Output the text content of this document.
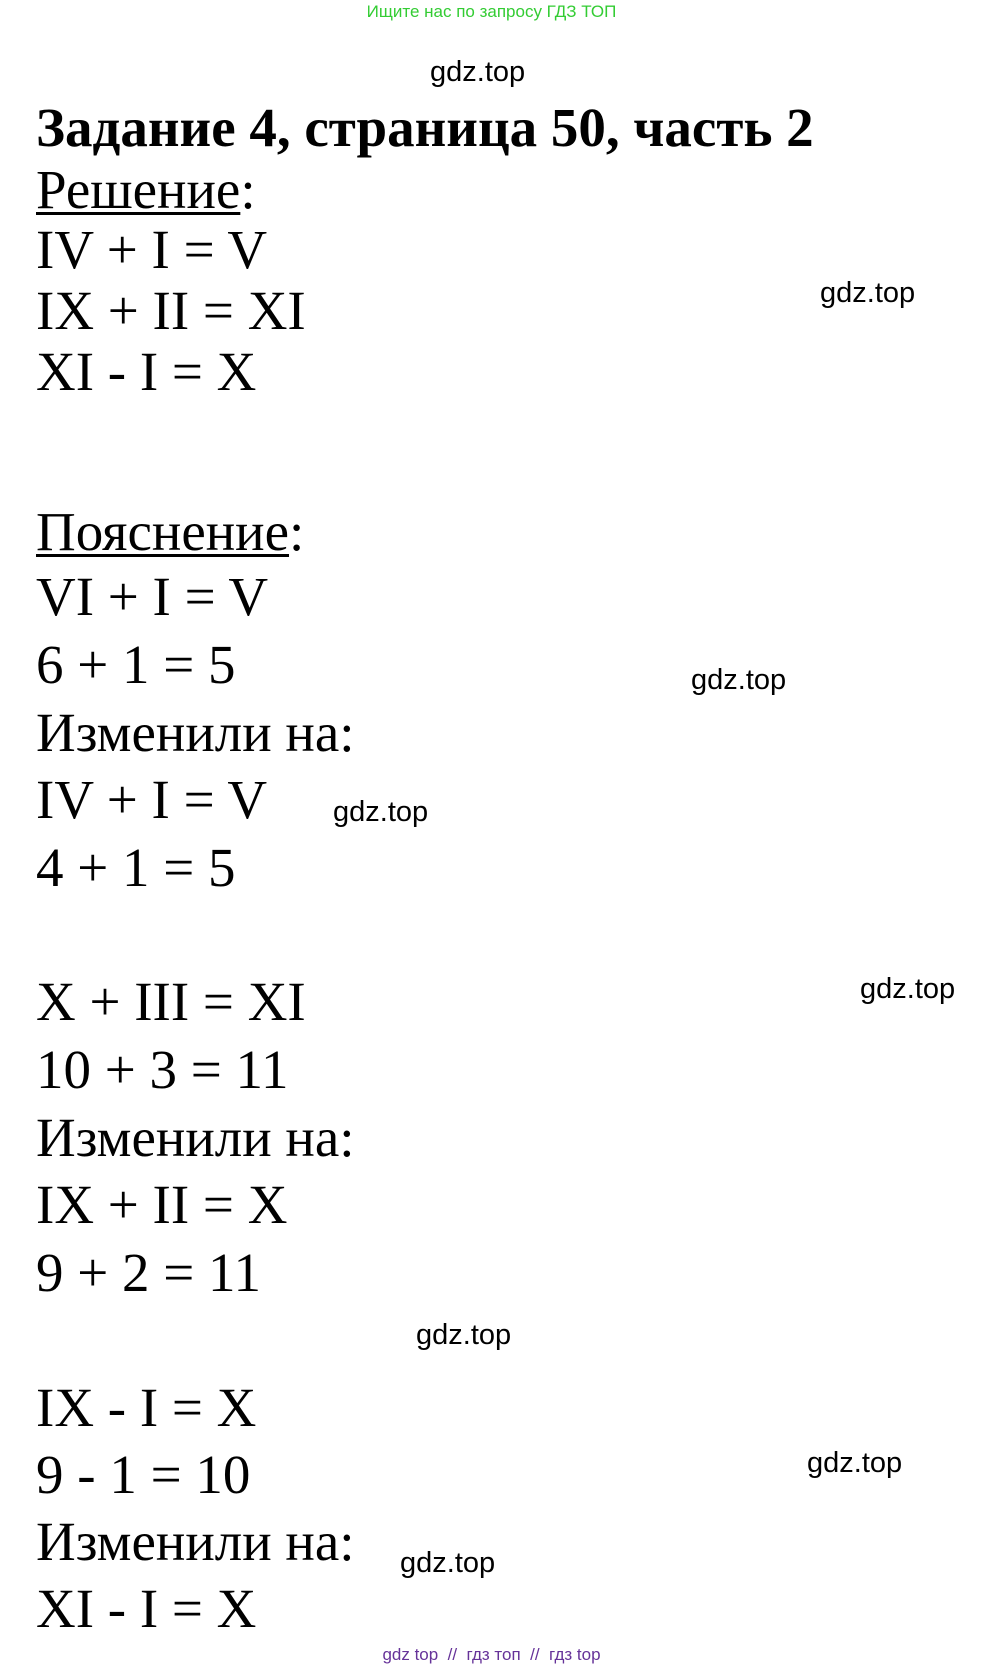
Ищите нас по запросу ГДЗ ТОП
gdz.top
Задание 4, страница 50, часть 2
Решение:
IV + I = V
IX + II = XI
XI - I = X
gdz.top
Пояснение:
VI + I = V
6 + 1 = 5
Изменили на:
IV + I = V
4 + 1 = 5
gdz.top
gdz.top
X + III = XI
10 + 3 = 11
Изменили на:
IX + II = X
9 + 2 = 11
gdz.top
gdz.top
IX - I = X
9 - 1 = 10
Изменили на:
XI - I = X
gdz.top
gdz.top
gdz top  //  гдз топ  //  гдз top
